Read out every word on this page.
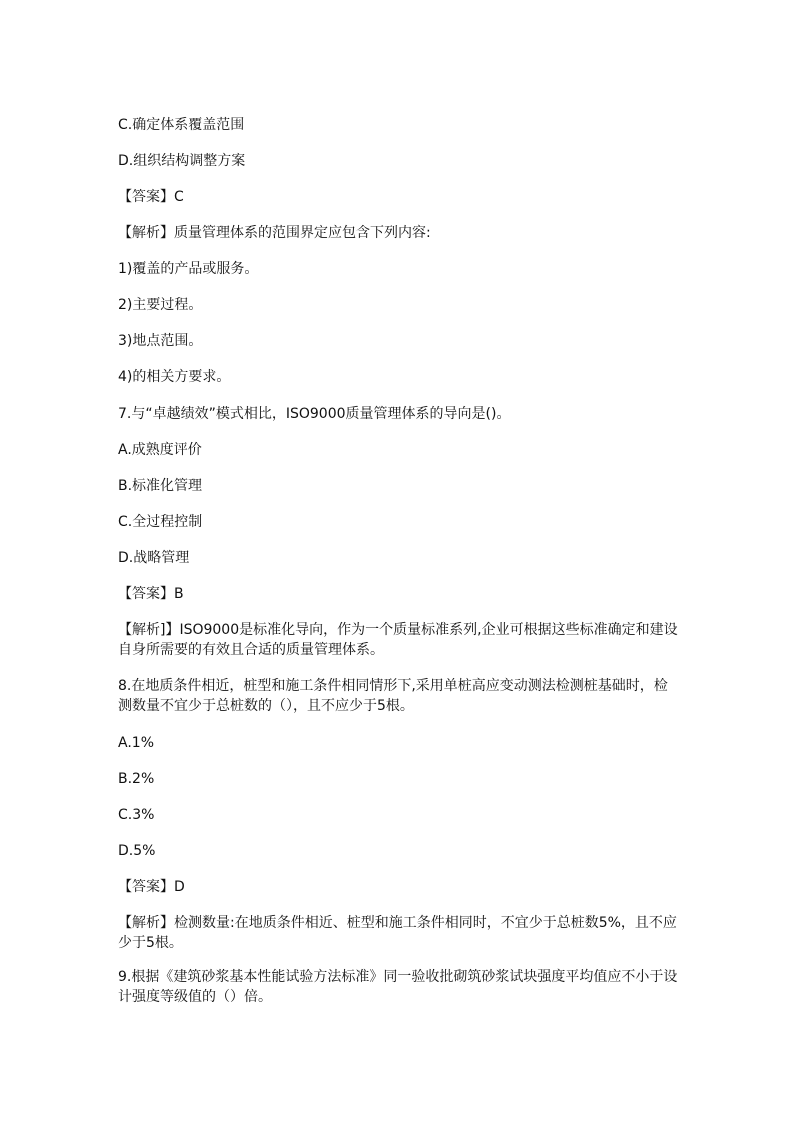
C.确定体系覆盖范围
D.组织结构调整方案
【答案】C
【解析】质量管理体系的范围界定应包含下列内容:
1)覆盖的产品或服务。
2)主要过程。
3)地点范围。
4)的相关方要求。
7.与“卓越绩效”模式相比，ISO9000质量管理体系的导向是()。
A.成熟度评价
B.标准化管理
C.全过程控制
D.战略管理
【答案】B
【解析]】ISO9000是标准化导向，作为一个质量标准系列,企业可根据这些标准确定和建设自身所需要的有效且合适的质量管理体系。
8.在地质条件相近，桩型和施工条件相同情形下,采用单桩高应变动测法检测桩基础时，检测数量不宜少于总桩数的（），且不应少于5根。
A.1%
B.2%
C.3%
D.5%
【答案】D
【解析】检测数量:在地质条件相近、桩型和施工条件相同时，不宜少于总桩数5%，且不应少于5根。
9.根据《建筑砂浆基本性能试验方法标准》同一验收批砌筑砂浆试块强度平均值应不小于设计强度等级值的（）倍。
